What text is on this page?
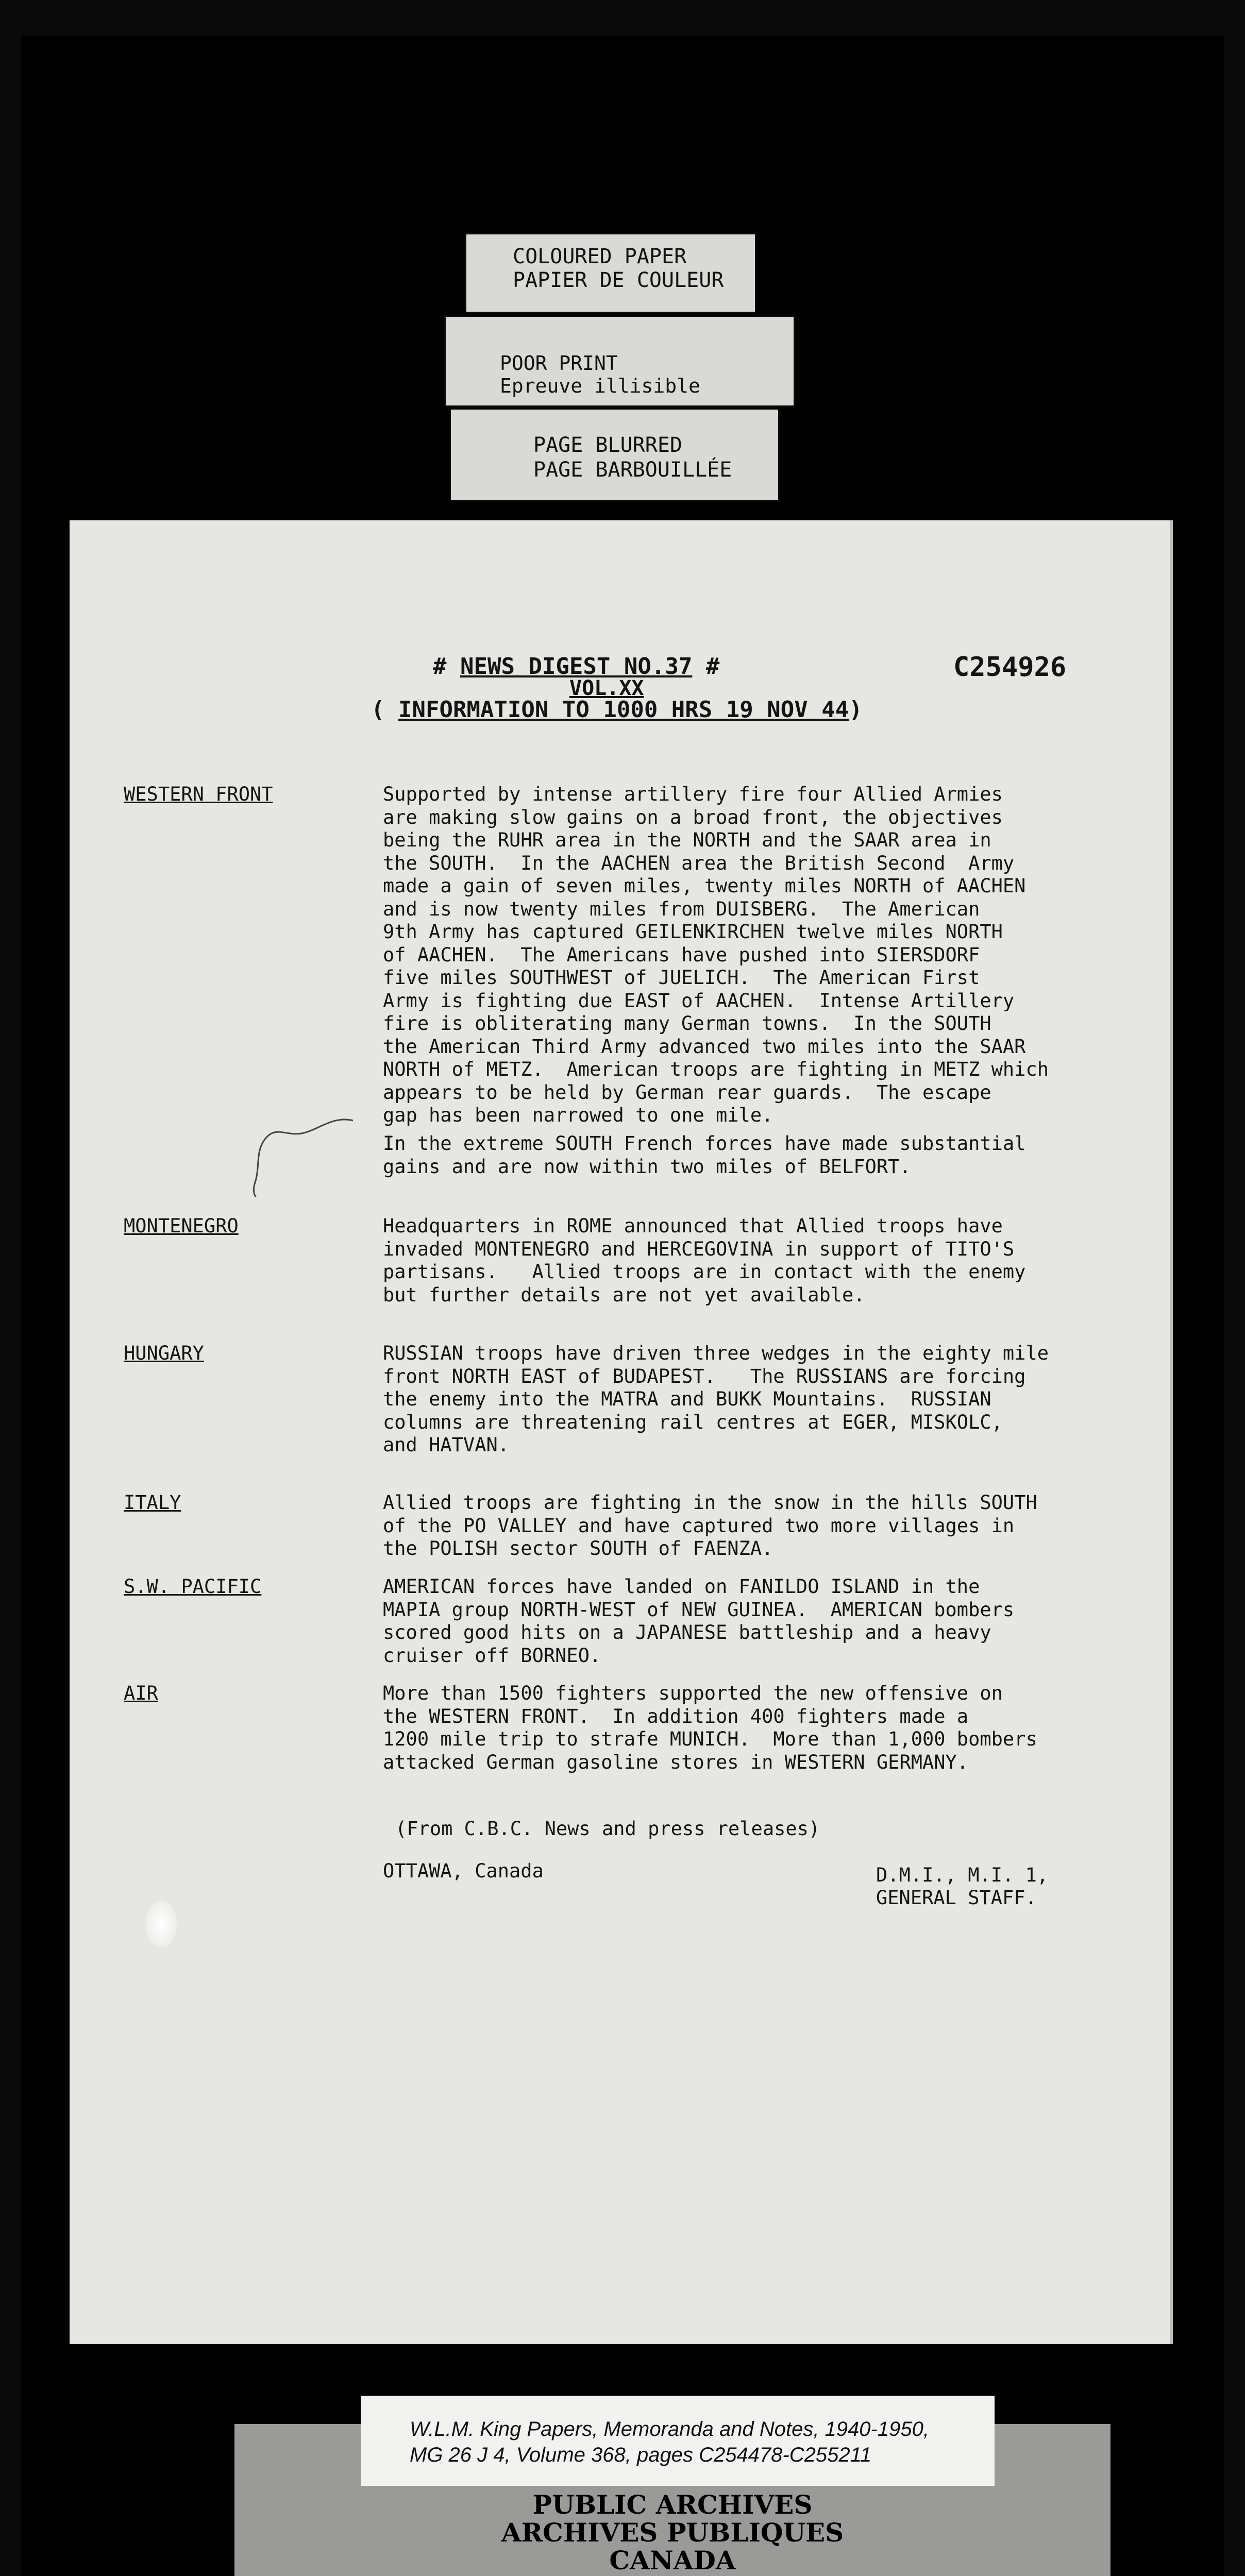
COLOURED PAPER
PAPIER DE COULEUR
POOR PRINT
Epreuve illisible
PAGE BLURRED
PAGE BARBOUILLÉE
# NEWS DIGEST NO.37 #
VOL.XX
( INFORMATION TO 1000 HRS 19 NOV 44)
C254926
WESTERN FRONT	Supported by intense artillery fire four Allied Armies
are making slow gains on a broad front, the objectives
being the RUHR area in the NORTH and the SAAR area in
the SOUTH.  In the AACHEN area the British Second  Army
made a gain of seven miles, twenty miles NORTH of AACHEN
and is now twenty miles from DUISBERG.  The American
9th Army has captured GEILENKIRCHEN twelve miles NORTH
of AACHEN.  The Americans have pushed into SIERSDORF
five miles SOUTHWEST of JUELICH.  The American First
Army is fighting due EAST of AACHEN.  Intense Artillery
fire is obliterating many German towns.  In the SOUTH
the American Third Army advanced two miles into the SAAR
NORTH of METZ.  American troops are fighting in METZ which
appears to be held by German rear guards.  The escape
gap has been narrowed to one mile.
In the extreme SOUTH French forces have made substantial
gains and are now within two miles of BELFORT.
MONTENEGRO	Headquarters in ROME announced that Allied troops have
invaded MONTENEGRO and HERCEGOVINA in support of TITO'S
partisans.   Allied troops are in contact with the enemy
but further details are not yet available.
HUNGARY	RUSSIAN troops have driven three wedges in the eighty mile
front NORTH EAST of BUDAPEST.   The RUSSIANS are forcing
the enemy into the MATRA and BUKK Mountains.  RUSSIAN
columns are threatening rail centres at EGER, MISKOLC,
and HATVAN.
ITALY	Allied troops are fighting in the snow in the hills SOUTH
of the PO VALLEY and have captured two more villages in
the POLISH sector SOUTH of FAENZA.
S.W. PACIFIC	AMERICAN forces have landed on FANILDO ISLAND in the
MAPIA group NORTH-WEST of NEW GUINEA.  AMERICAN bombers
scored good hits on a JAPANESE battleship and a heavy
cruiser off BORNEO.
AIR	More than 1500 fighters supported the new offensive on
the WESTERN FRONT.  In addition 400 fighters made a
1200 mile trip to strafe MUNICH.  More than 1,000 bombers
attacked German gasoline stores in WESTERN GERMANY.
(From C.B.C. News and press releases)
OTTAWA, Canada	D.M.I., M.I. 1,
GENERAL STAFF.
PUBLIC ARCHIVES
ARCHIVES PUBLIQUES
CANADA
W.L.M. King Papers, Memoranda and Notes, 1940-1950,
MG 26 J 4, Volume 368, pages C254478-C255211
